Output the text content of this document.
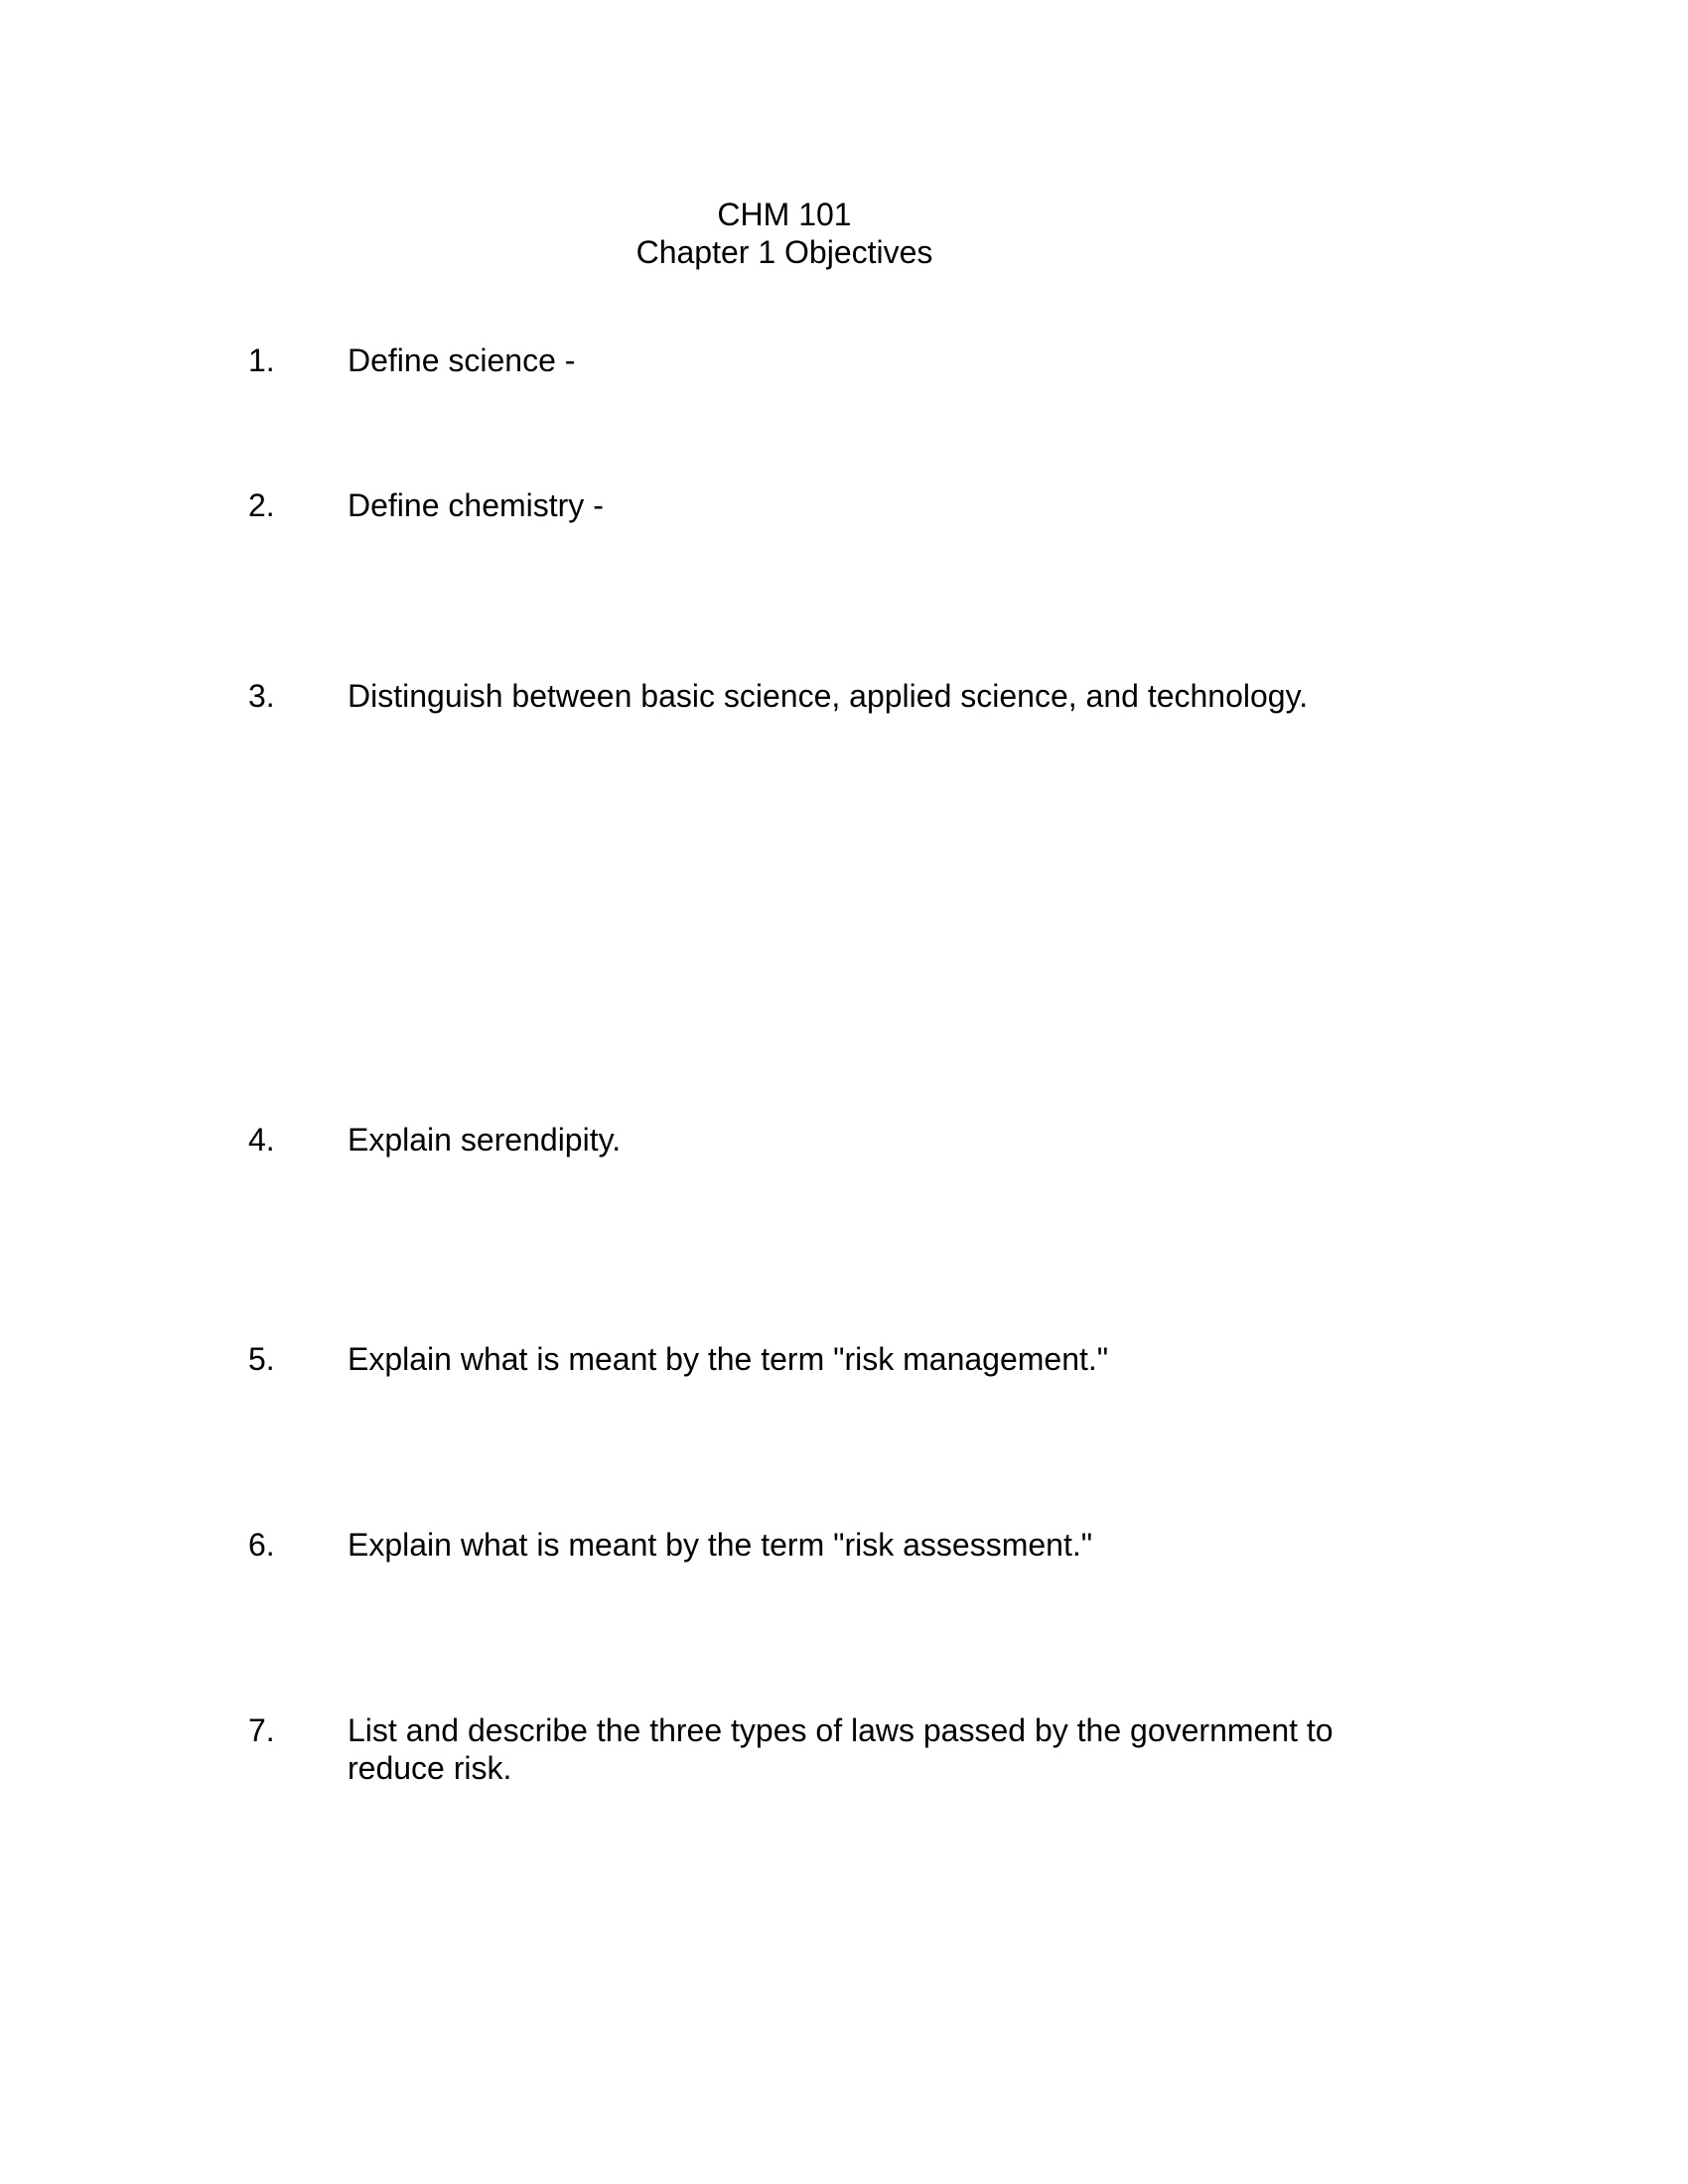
CHM 101
Chapter 1 Objectives
1.	Define science -
2.	Define chemistry -
3.	Distinguish between basic science, applied science, and technology.
4.	Explain serendipity.
5.	Explain what is meant by the term "risk management."
6.	Explain what is meant by the term "risk assessment."
7.	List and describe the three types of laws passed by the government to
reduce risk.
